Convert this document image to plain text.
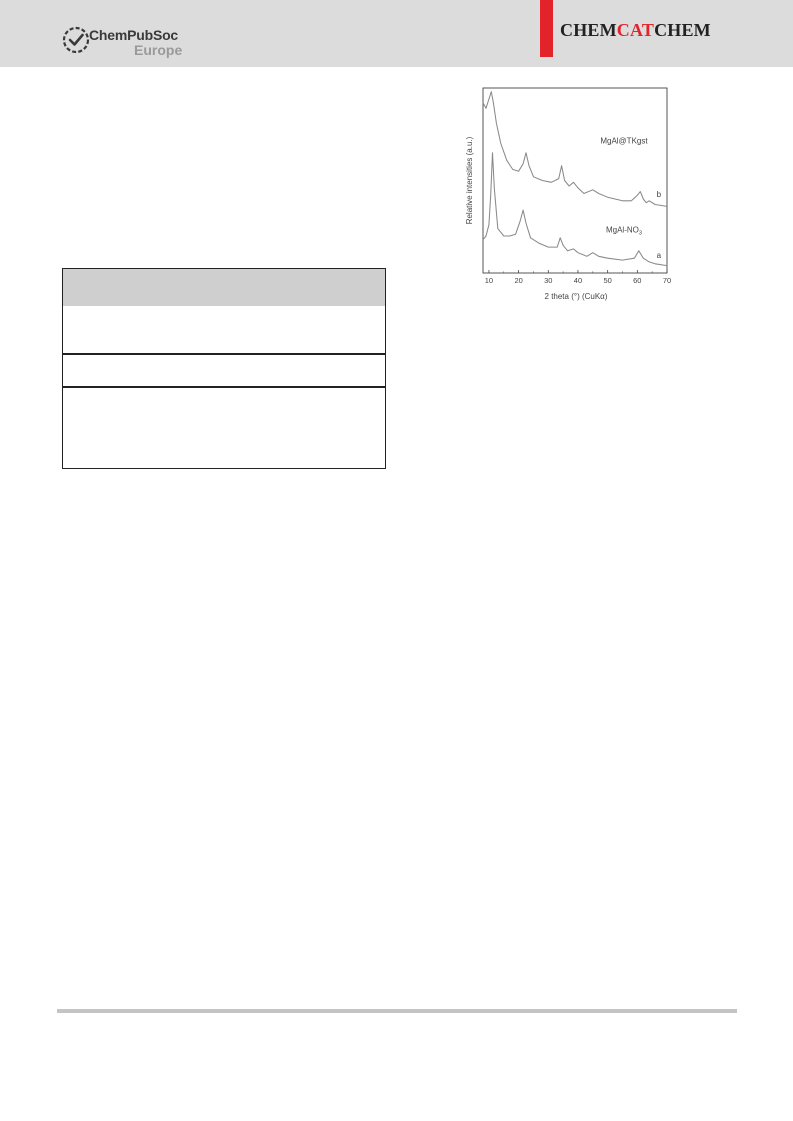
ChemPubSoc
Europe
CHEMCATCHEM
10	20	30	40	50	60	70
2 theta (°) (CuKα)
Relative intensities (a.u.)	MgAl@TKgst
b
MgAl-$NO_3$
a
